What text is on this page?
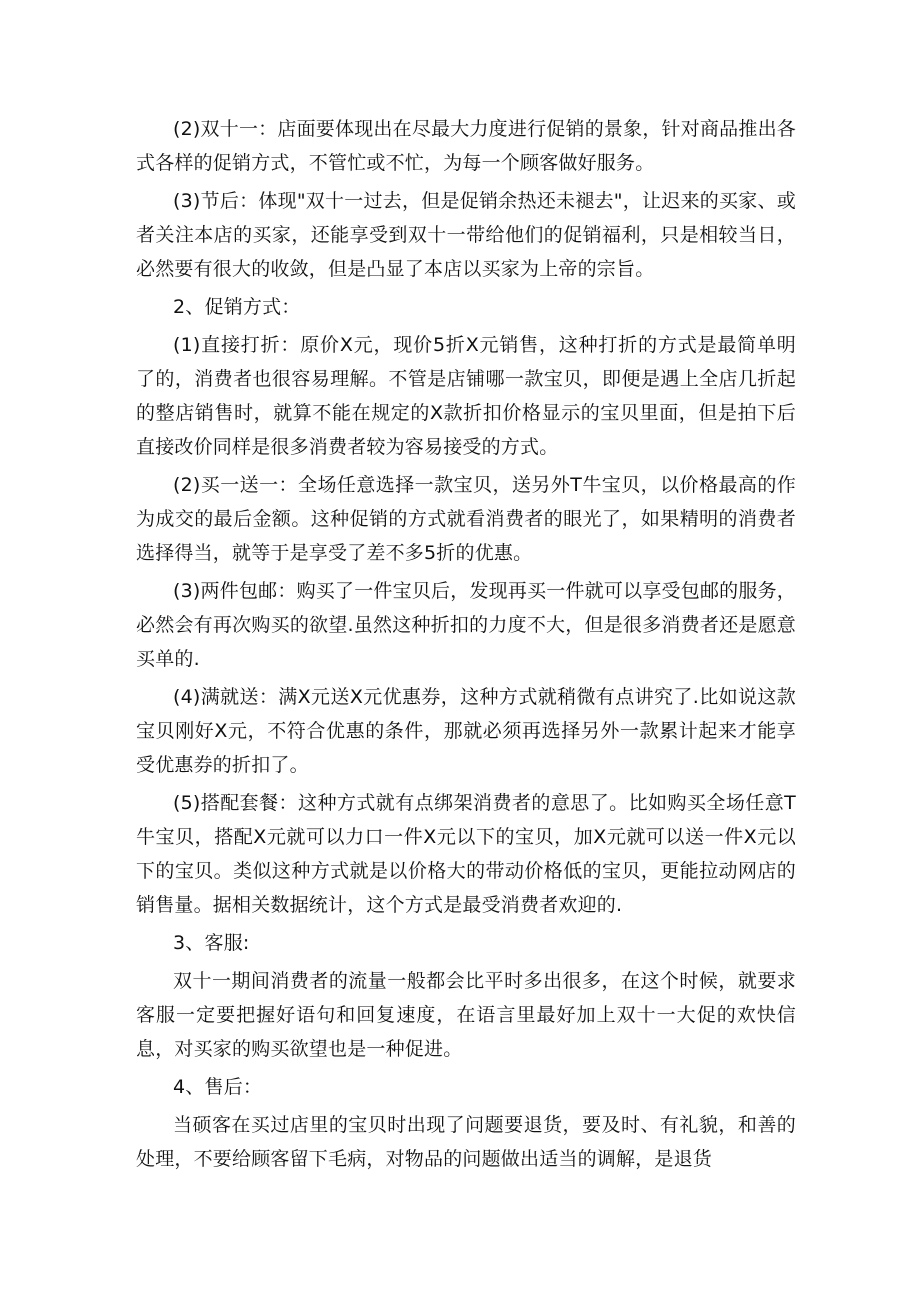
(2)双十一：店面要体现出在尽最大力度进行促销的景象，针对商品推出各式各样的促销方式，不管忙或不忙，为每一个顾客做好服务。

(3)节后：体现"双十一过去，但是促销余热还未褪去"，让迟来的买家、或者关注本店的买家，还能享受到双十一带给他们的促销福利，只是相较当日，必然要有很大的收敛，但是凸显了本店以买家为上帝的宗旨。

2、促销方式：

(1)直接打折：原价X元，现价5折X元销售，这种打折的方式是最简单明了的，消费者也很容易理解。不管是店铺哪一款宝贝，即便是遇上全店几折起的整店销售时，就算不能在规定的X款折扣价格显示的宝贝里面，但是拍下后直接改价同样是很多消费者较为容易接受的方式。

(2)买一送一：全场任意选择一款宝贝，送另外T牛宝贝，以价格最高的作为成交的最后金额。这种促销的方式就看消费者的眼光了，如果精明的消费者选择得当，就等于是享受了差不多5折的优惠。

(3)两件包邮：购买了一件宝贝后，发现再买一件就可以享受包邮的服务，必然会有再次购买的欲望.虽然这种折扣的力度不大，但是很多消费者还是愿意买单的.

(4)满就送：满X元送X元优惠券，这种方式就稍微有点讲究了.比如说这款宝贝刚好X元，不符合优惠的条件，那就必须再选择另外一款累计起来才能享受优惠券的折扣了。

(5)搭配套餐：这种方式就有点绑架消费者的意思了。比如购买全场任意T牛宝贝，搭配X元就可以力口一件X元以下的宝贝，加X元就可以送一件X元以下的宝贝。类似这种方式就是以价格大的带动价格低的宝贝，更能拉动网店的销售量。据相关数据统计，这个方式是最受消费者欢迎的.

3、客服:

双十一期间消费者的流量一般都会比平时多出很多，在这个时候，就要求客服一定要把握好语句和回复速度，在语言里最好加上双十一大促的欢快信息，对买家的购买欲望也是一种促进。

4、售后：

当硕客在买过店里的宝贝时出现了问题要退货，要及时、有礼貌，和善的处理，不要给顾客留下毛病，对物品的问题做出适当的调解，是退货
